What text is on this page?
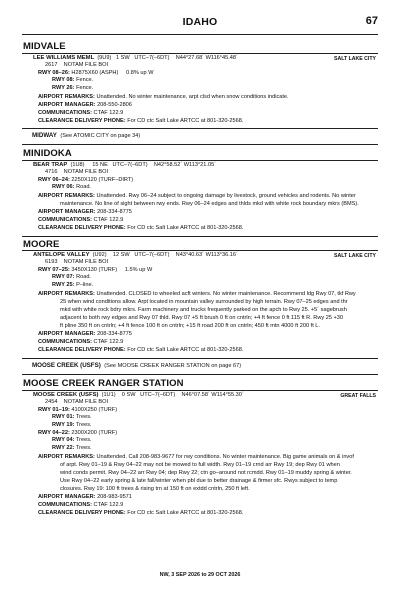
IDAHO	67
MIDVALE
LEE WILLIAMS MEML (9U9) 1 SW UTC–7(–6DT) N44°27.68´ W116°45.48´	SALT LAKE CITY
2617 NOTAM FILE BOI
RWY 08–26: H2875X60 (ASPH) 0.8% up W
RWY 08: Fence.
RWY 26: Fence.
AIRPORT REMARKS: Unattended. No winter maintenance, arpt clsd when snow conditions indicate.
AIRPORT MANAGER: 208-550-2806
COMMUNICATIONS: CTAF 122.9
CLEARANCE DELIVERY PHONE: For CD ctc Salt Lake ARTCC at 801-320-2568.
MIDWAY (See ATOMIC CITY on page 34)
MINIDOKA
BEAR TRAP (1U8) 15 NE UTC–7(–6DT) N42°58.52´ W113°21.05´
4716 NOTAM FILE BOI
RWY 06–24: 2250X120 (TURF–DIRT)
RWY 06: Road.
AIRPORT REMARKS: Unattended. Rwy 06–24 subject to ongoing damage by livestock, ground vehicles and rodents. No winter
maintenance. No line of sight between rwy ends. Rwy 06–24 edges and thlds mkd with white rock boundary mkrs (BMS).
AIRPORT MANAGER: 208-334-8775
COMMUNICATIONS: CTAF 122.9
CLEARANCE DELIVERY PHONE: For CD ctc Salt Lake ARTCC at 801-320-2568.
MOORE
ANTELOPE VALLEY (U92) 12 SW UTC–7(–6DT) N43°40.63´ W113°36.16´	SALT LAKE CITY
6193 NOTAM FILE BOI
RWY 07–25: 3450X130 (TURF) 1.5% up W
RWY 07: Road.
RWY 25: P–line.
AIRPORT REMARKS: Unattended. CLOSED to wheeled acft winters. No winter maintenance. Recommend ldg Rwy 07, tkf Rwy
25 when wind conditions allow. Arpt located in mountain valley surrounded by high terrain. Rwy 07–25 edges and thr
mkd with white rock bdry mkrs. Farm machinery and trucks frequently parked on the apch to Rwy 25. +5´ sagebrush
adjacent to both rwy edges and Rwy 07 thld. Rwy 07 +5 ft brush 0 ft on cntrln; +4 ft fence 0 ft 115 ft R. Rwy 25 +30
ft pline 350 ft on cntrln; +4 ft fence 100 ft on cntrln; +15 ft road 200 ft on cntrln; 450 ft mtn 4000 ft 200 ft L.
AIRPORT MANAGER: 208-334-8775
COMMUNICATIONS: CTAF 122.9
CLEARANCE DELIVERY PHONE: For CD ctc Salt Lake ARTCC at 801-320-2568.
MOOSE CREEK (USFS) (See MOOSE CREEK RANGER STATION on page 67)
MOOSE CREEK RANGER STATION
MOOSE CREEK (USFS) (1U1) 0 SW UTC–7(–6DT) N46°07.58´ W114°55.30´	GREAT FALLS
2454 NOTAM FILE BOI
RWY 01–19: 4100X250 (TURF)
RWY 01: Trees.
RWY 19: Trees.
RWY 04–22: 2300X200 (TURF)
RWY 04: Trees.
RWY 22: Trees.
AIRPORT REMARKS: Unattended. Call 208-983-9677 for rwy conditions. No winter maintenance. Big game animals on & invof
of arpt. Rwy 01–19 & Rwy 04–22 may not be mowed to full width. Rwy 01–19 crnd arr Rwy 19; dep Rwy 01 when
wind conds permit. Rwy 04–22 arr Rwy 04; dep Rwy 22; ctn go–around not rcmdd. Rwy 01–19 muddy spring & winter.
Use Rwy 04–22 early spring & late fall/winter when pbl due to better drainage & firmer sfc. Rwys subject to temp
closures. Rwy 19: 100 ft trees & rising trn at 150 ft on extdd cntrln, 250 ft left.
AIRPORT MANAGER: 208-983-9571
COMMUNICATIONS: CTAF 122.9
CLEARANCE DELIVERY PHONE: For CD ctc Salt Lake ARTCC at 801-320-2568.
NW, 3 SEP 2026 to 29 OCT 2026
